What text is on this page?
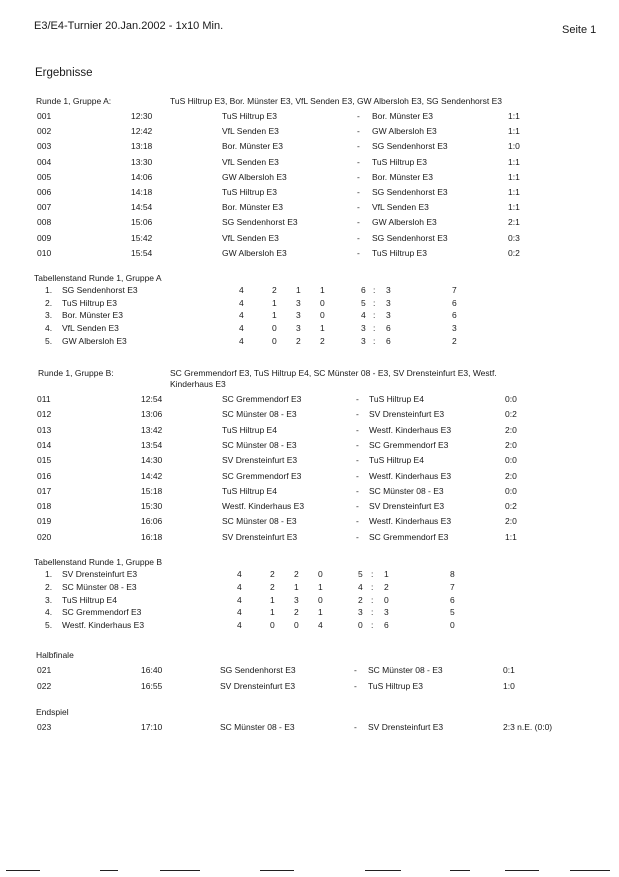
E3/E4-Turnier 20.Jan.2002 - 1x10 Min.	Seite 1
Ergebnisse
Runde 1, Gruppe A:	TuS Hiltrup E3, Bor. Münster E3, VfL Senden E3, GW Albersloh E3, SG Sendenhorst E3
001	12:30	TuS Hiltrup E3	- Bor. Münster E3	1:1
002	12:42	VfL Senden E3	- GW Albersloh E3	1:1
003	13:18	Bor. Münster E3	- SG Sendenhorst E3	1:0
004	13:30	VfL Senden E3	- TuS Hiltrup E3	1:1
005	14:06	GW Albersloh E3	- Bor. Münster E3	1:1
006	14:18	TuS Hiltrup E3	- SG Sendenhorst E3	1:1
007	14:54	Bor. Münster E3	- VfL Senden E3	1:1
008	15:06	SG Sendenhorst E3	- GW Albersloh E3	2:1
009	15:42	VfL Senden E3	- SG Sendenhorst E3	0:3
010	15:54	GW Albersloh E3	- TuS Hiltrup E3	0:2
Tabellenstand Runde 1, Gruppe A
1. SG Sendenhorst E3	4	2 1 1	6 : 3	7
2. TuS Hiltrup E3	4	1 3 0	5 : 3	6
3. Bor. Münster E3	4	1 3 0	4 : 3	6
4. VfL Senden E3	4	0 3 1	3 : 6	3
5. GW Albersloh E3	4	0 2 2	3 : 6	2
Runde 1, Gruppe B:	SC Gremmendorf E3, TuS Hiltrup E4, SC Münster 08 - E3, SV Drensteinfurt E3, Westf.
Kinderhaus E3
011	12:54	SC Gremmendorf E3	- TuS Hiltrup E4	0:0
012	13:06	SC Münster 08 - E3	- SV Drensteinfurt E3	0:2
013	13:42	TuS Hiltrup E4	- Westf. Kinderhaus E3	2:0
014	13:54	SC Münster 08 - E3	- SC Gremmendorf E3	2:0
015	14:30	SV Drensteinfurt E3	- TuS Hiltrup E4	0:0
016	14:42	SC Gremmendorf E3	- Westf. Kinderhaus E3	2:0
017	15:18	TuS Hiltrup E4	- SC Münster 08 - E3	0:0
018	15:30	Westf. Kinderhaus E3	- SV Drensteinfurt E3	0:2
019	16:06	SC Münster 08 - E3	- Westf. Kinderhaus E3	2:0
020	16:18	SV Drensteinfurt E3	- SC Gremmendorf E3	1:1
Tabellenstand Runde 1, Gruppe B
1. SV Drensteinfurt E3	4	2 2 0	5 : 1	8
2. SC Münster 08 - E3	4	2 1 1	4 : 2	7
3. TuS Hiltrup E4	4	1 3 0	2 : 0	6
4. SC Gremmendorf E3	4	1 2 1	3 : 3	5
5. Westf. Kinderhaus E3	4	0 0 4	0 : 6	0
Halbfinale
021	16:40	SG Sendenhorst E3	- SC Münster 08 - E3	0:1
022	16:55	SV Drensteinfurt E3	- TuS Hiltrup E3	1:0
Endspiel
023	17:10	SC Münster 08 - E3	- SV Drensteinfurt E3	2:3 n.E. (0:0)
